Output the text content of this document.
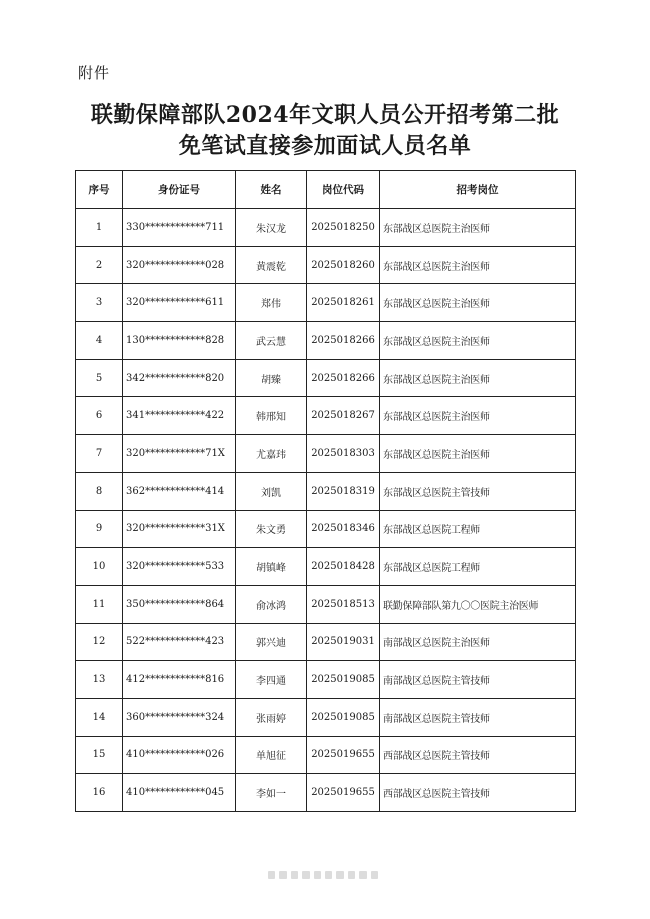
附件
联勤保障部队2024年文职人员公开招考第二批
免笔试直接参加面试人员名单
序号	身份证号	姓名	岗位代码	招考岗位
1	330************711	朱汉龙	2025018250	东部战区总医院主治医师
2	320************028	黄震乾	2025018260	东部战区总医院主治医师
3	320************611	郑伟	2025018261	东部战区总医院主治医师
4	130************828	武云慧	2025018266	东部战区总医院主治医师
5	342************820	胡臻	2025018266	东部战区总医院主治医师
6	341************422	韩邢知	2025018267	东部战区总医院主治医师
7	320************71X	尤嘉玮	2025018303	东部战区总医院主治医师
8	362************414	刘凯	2025018319	东部战区总医院主管技师
9	320************31X	朱文勇	2025018346	东部战区总医院工程师
10	320************533	胡镇峰	2025018428	东部战区总医院工程师
11	350************864	俞冰鸿	2025018513	联勤保障部队第九〇〇医院主治医师
12	522************423	郭兴迪	2025019031	南部战区总医院主治医师
13	412************816	李四通	2025019085	南部战区总医院主管技师
14	360************324	张雨婷	2025019085	南部战区总医院主管技师
15	410************026	单旭征	2025019655	西部战区总医院主管技师
16	410************045	李如一	2025019655	西部战区总医院主管技师
